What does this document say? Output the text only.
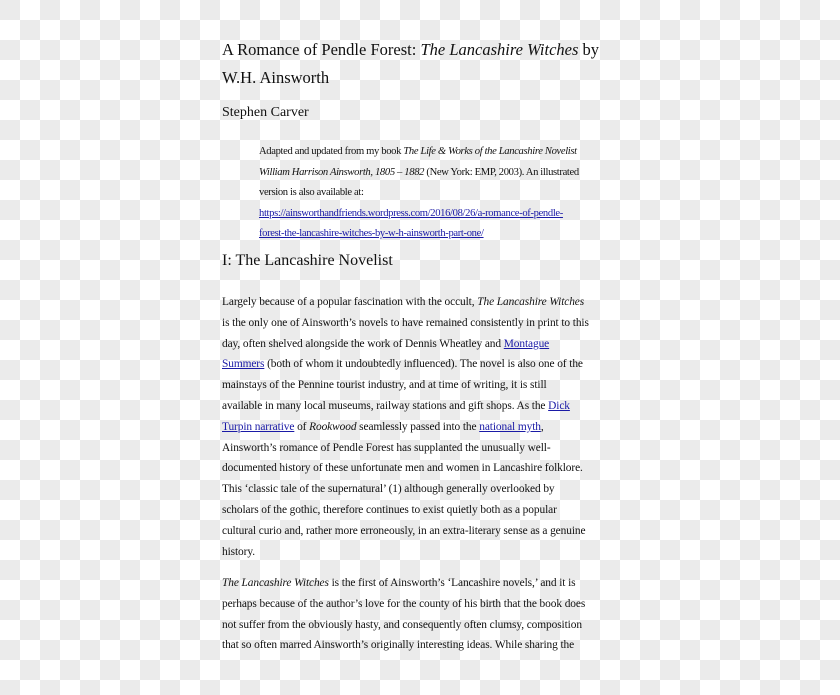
A Romance of Pendle Forest: The Lancashire Witches by
W.H. Ainsworth

Stephen Carver

Adapted and updated from my book The Life & Works of the Lancashire Novelist
William Harrison Ainsworth, 1805 – 1882 (New York: EMP, 2003). An illustrated
version is also available at:
https://ainsworthandfriends.wordpress.com/2016/08/26/a-romance-of-pendle-
forest-the-lancashire-witches-by-w-h-ainsworth-part-one/
I: The Lancashire Novelist

Largely because of a popular fascination with the occult, The Lancashire Witches
is the only one of Ainsworth’s novels to have remained consistently in print to this
day, often shelved alongside the work of Dennis Wheatley and Montague
Summers (both of whom it undoubtedly influenced). The novel is also one of the
mainstays of the Pennine tourist industry, and at time of writing, it is still
available in many local museums, railway stations and gift shops. As the Dick
Turpin narrative of Rookwood seamlessly passed into the national myth,
Ainsworth’s romance of Pendle Forest has supplanted the unusually well-
documented history of these unfortunate men and women in Lancashire folklore.
This ‘classic tale of the supernatural’ (1) although generally overlooked by
scholars of the gothic, therefore continues to exist quietly both as a popular
cultural curio and, rather more erroneously, in an extra-literary sense as a genuine
history.

The Lancashire Witches is the first of Ainsworth’s ‘Lancashire novels,’ and it is
perhaps because of the author’s love for the county of his birth that the book does
not suffer from the obviously hasty, and consequently often clumsy, composition
that so often marred Ainsworth’s originally interesting ideas. While sharing the
